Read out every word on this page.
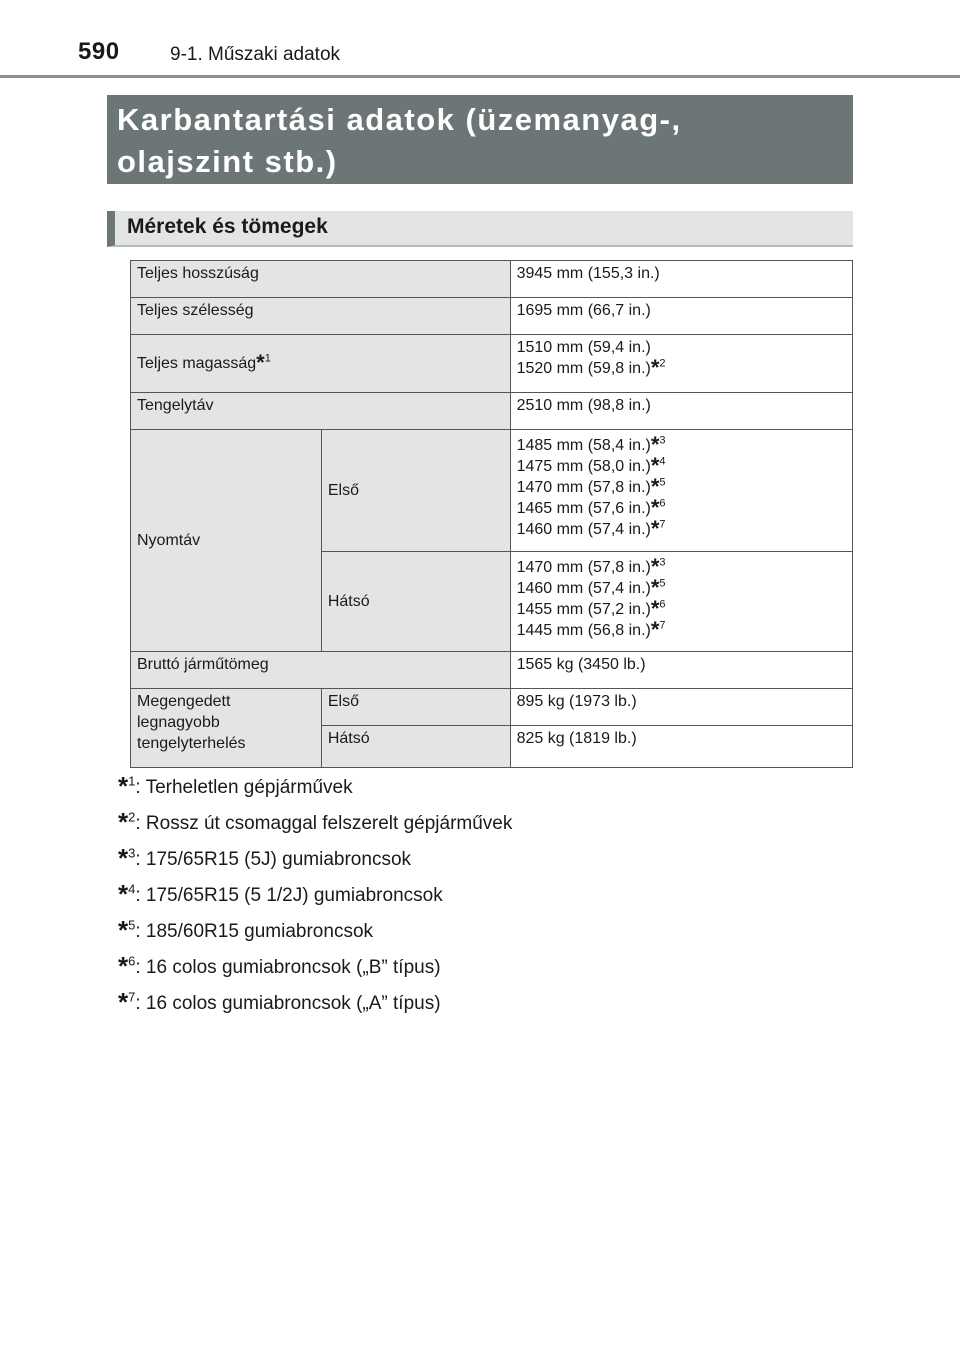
590	9-1. Műszaki adatok
Karbantartási adatok (üzemanyag-,
olajszint stb.)
Méretek és tömegek
Teljes hosszúság		3945 mm (155,3 in.)
Teljes szélesség		1695 mm (66,7 in.)
Teljes magasság*$^1$		1510 mm (59,4 in.)
1520 mm (59,8 in.)*$^2$

Tengelytáv		2510 mm (98,8 in.)
Nyomtáv	Első	1485 mm (58,4 in.)*$^3$
1475 mm (58,0 in.)*$^4$
1470 mm (57,8 in.)*$^5$
1465 mm (57,6 in.)*$^6$
1460 mm (57,4 in.)*$^7$

	Hátsó	1470 mm (57,8 in.)*$^3$
1460 mm (57,4 in.)*$^5$
1455 mm (57,2 in.)*$^6$
1445 mm (56,8 in.)*$^7$

Bruttó járműtömeg		1565 kg (3450 lb.)
Megengedett legnagyobb tengelyterhelés	Első	895 kg (1973 lb.)
	Hátsó	825 kg (1819 lb.)
*$^1$: Terheletlen gépjárművek
*$^2$: Rossz út csomaggal felszerelt gépjárművek
*$^3$: 175/65R15 (5J) gumiabroncsok
*$^4$: 175/65R15 (5 1/2J) gumiabroncsok
*$^5$: 185/60R15 gumiabroncsok
*$^6$: 16 colos gumiabroncsok („B” típus)
*$^7$: 16 colos gumiabroncsok („A” típus)
